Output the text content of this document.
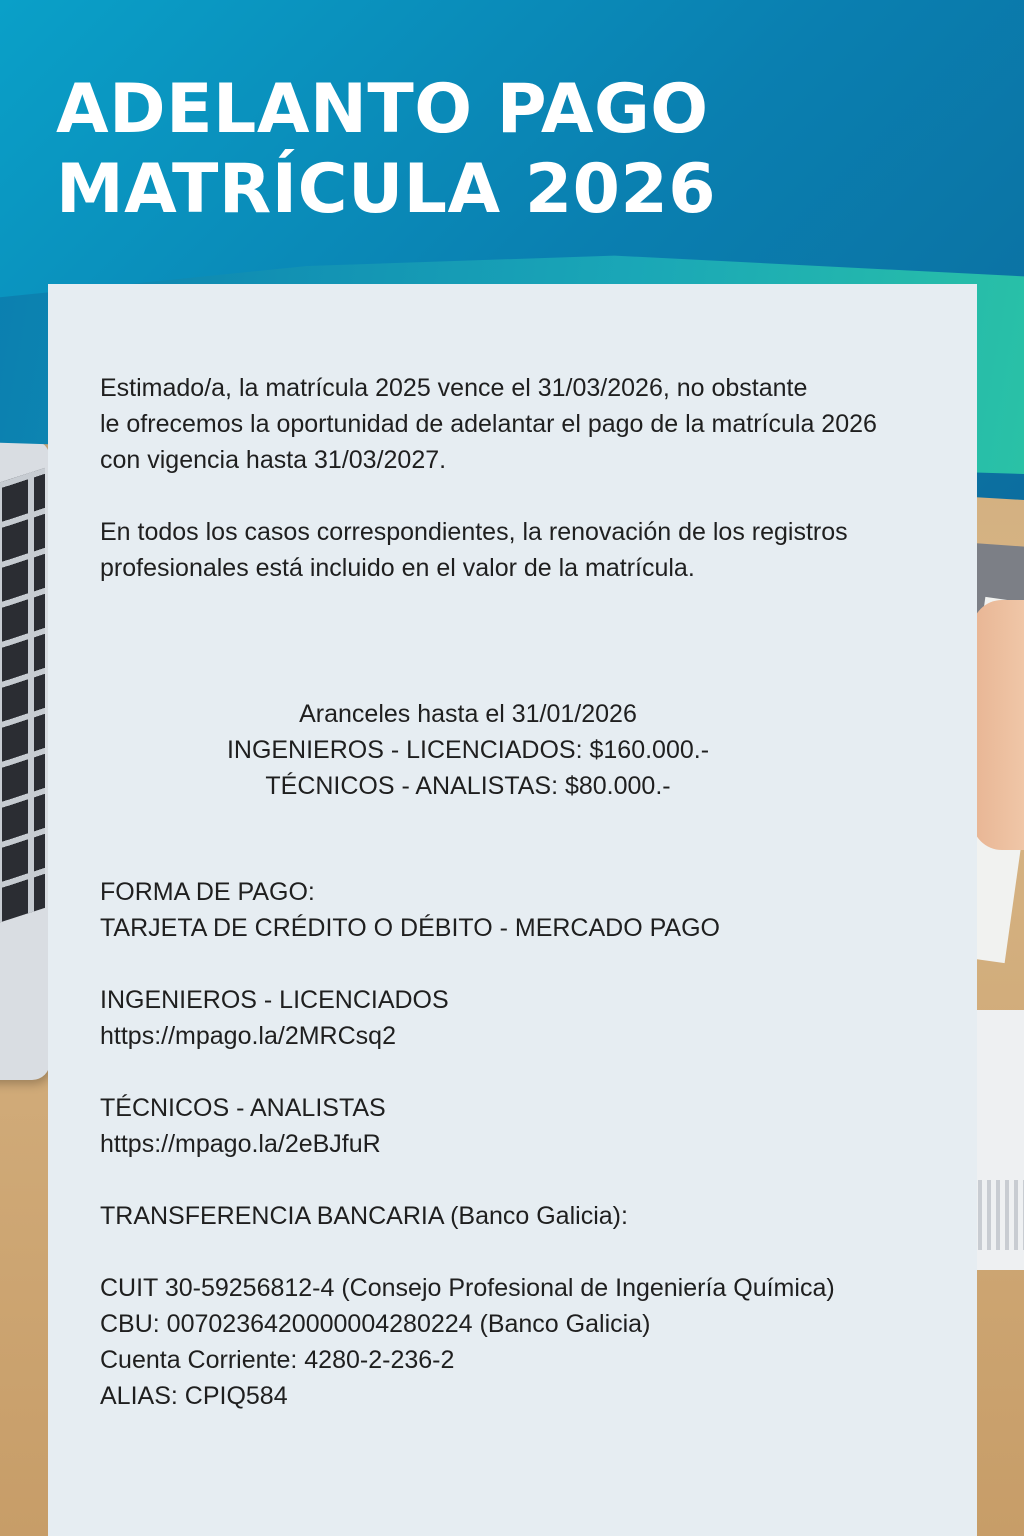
ADELANTO PAGO
MATRÍCULA 2026

Estimado/a, la matrícula 2025 vence el 31/03/2026, no obstante

le ofrecemos la oportunidad de adelantar el pago de la matrícula 2026

con vigencia hasta 31/03/2027.

En todos los casos correspondientes, la renovación de los registros

profesionales está incluido en el valor de la matrícula.

Aranceles hasta el 31/01/2026

INGENIEROS - LICENCIADOS: $160.000.-

TÉCNICOS - ANALISTAS: $80.000.-

FORMA DE PAGO:

TARJETA DE CRÉDITO O DÉBITO - MERCADO PAGO

INGENIEROS - LICENCIADOS

https://mpago.la/2MRCsq2

TÉCNICOS - ANALISTAS

https://mpago.la/2eBJfuR

TRANSFERENCIA BANCARIA (Banco Galicia):

CUIT 30-59256812-4 (Consejo Profesional de Ingeniería Química)

CBU: 0070236420000004280224 (Banco Galicia)

Cuenta Corriente: 4280-2-236-2

ALIAS: CPIQ584
